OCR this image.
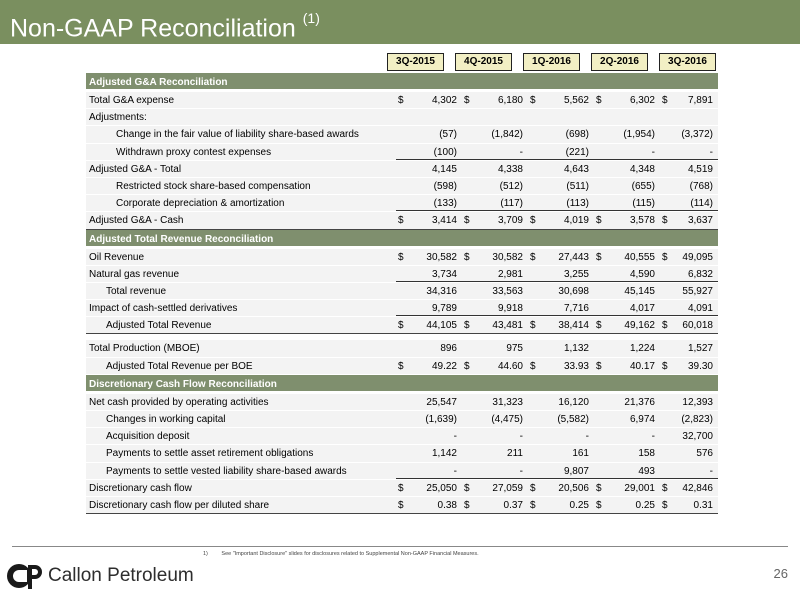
Non-GAAP Reconciliation $^{(1)}$
3Q-2015	4Q-2015	1Q-2016	2Q-2016	3Q-2016
Adjusted G&A Reconciliation
Total G&A expense	$	4,302 $	6,180 $	5,562 $	6,302 $ 7,891
Adjustments:
Change in the fair value of liability share-based awards	(57)	(1,842)	(698)	(1,954)	(3,372)
Withdrawn proxy contest expenses	(100)	-	(221)	-	-
Adjusted G&A - Total	4,145	4,338	4,643	4,348	4,519
Restricted stock share-based compensation	(598)	(512)	(511)	(655)	(768)
Corporate depreciation & amortization	(133)	(117)	(113)	(115)	(114)
Adjusted G&A - Cash	$	3,414 $	3,709 $	4,019 $	3,578 $ 3,637
Adjusted Total Revenue Reconciliation
Oil Revenue	$ 30,582 $ 30,582 $ 27,443 $ 40,555 $ 49,095
Natural gas revenue	3,734	2,981	3,255	4,590	6,832
Total revenue	34,316	33,563	30,698	45,145	55,927
Impact of cash-settled derivatives	9,789	9,918	7,716	4,017	4,091
Adjusted Total Revenue	$ 44,105 $ 43,481 $ 38,414 $ 49,162 $ 60,018
Total Production (MBOE)	896	975	1,132	1,224	1,527
Adjusted Total Revenue per BOE	$	49.22 $	44.60 $	33.93 $	40.17 $ 39.30
Discretionary Cash Flow Reconciliation
Net cash provided by operating activities	25,547	31,323	16,120	21,376	12,393
Changes in working capital	(1,639)	(4,475)	(5,582)	6,974	(2,823)
Acquisition deposit	-	-	-	-	32,700
Payments to settle asset retirement obligations	1,142	211	161	158	576
Payments to settle vested liability share-based awards	-	-	9,807	493	-
Discretionary cash flow	$ 25,050 $ 27,059 $ 20,506 $ 29,001 $ 42,846
Discretionary cash flow per diluted share	$	0.38 $	0.37 $	0.25 $	0.25 $	0.31
1) See "Important Disclosure" slides for disclosures related to Supplemental Non-GAAP Financial Measures.
Callon Petroleum	26
